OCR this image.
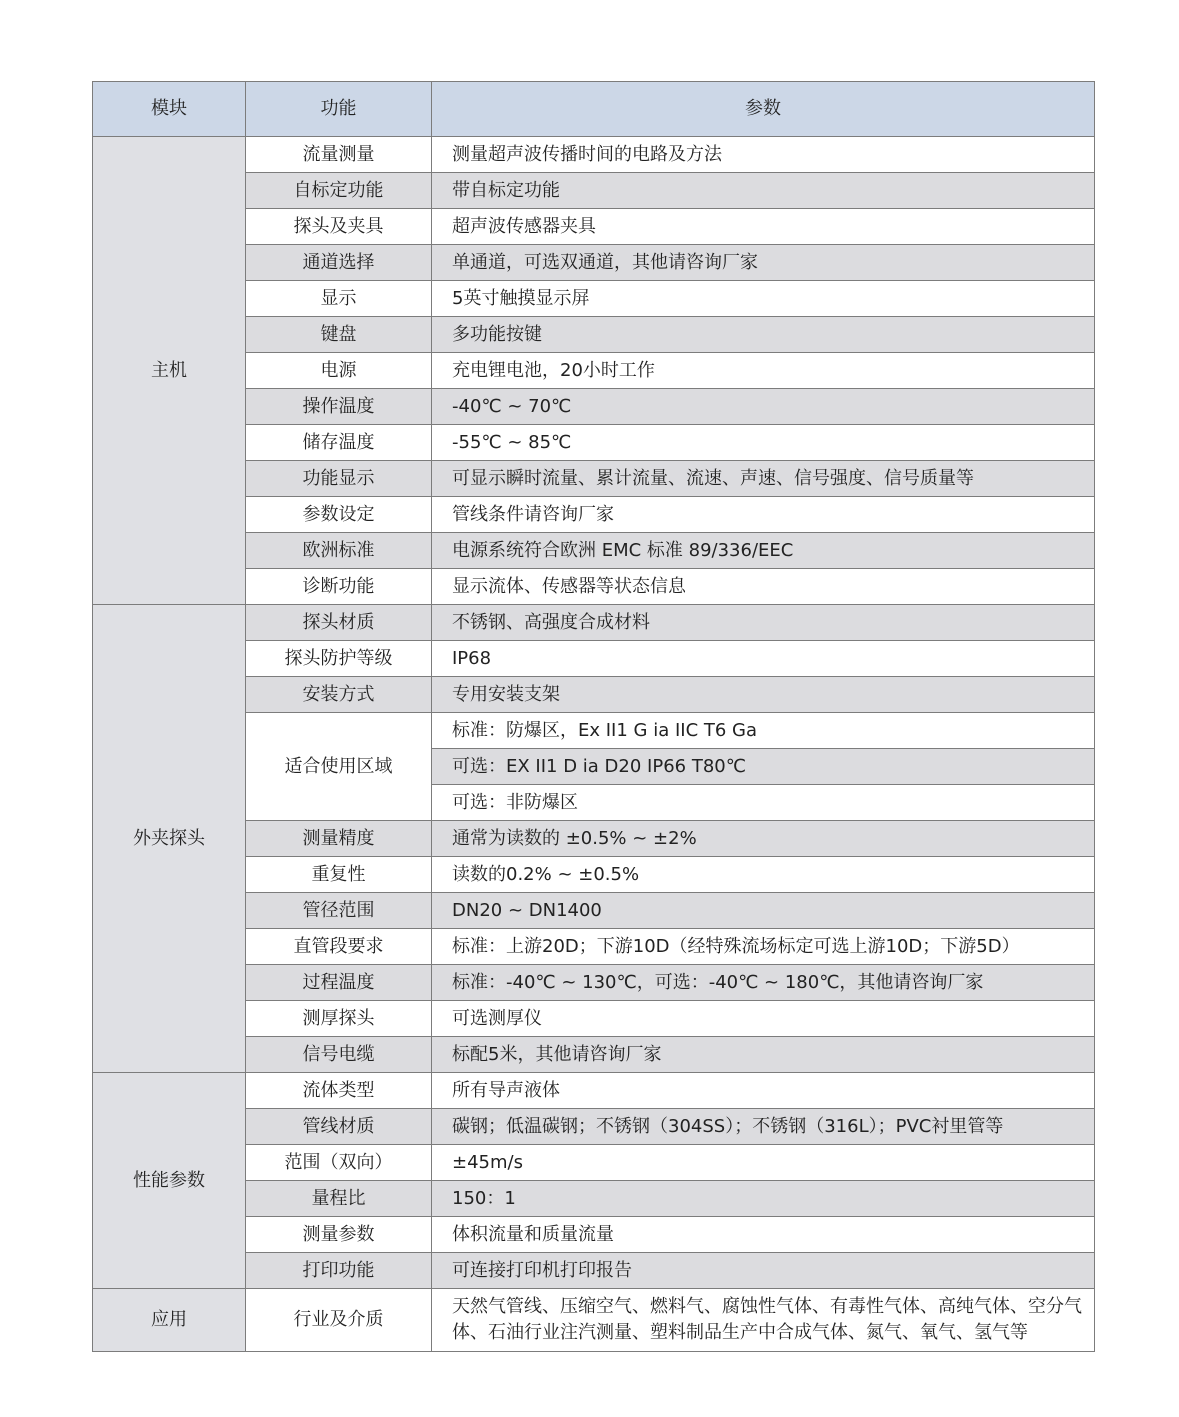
模块	功能	参数
主机	流量测量	测量超声波传播时间的电路及方法
	自标定功能	带自标定功能
	探头及夹具	超声波传感器夹具
	通道选择	单通道，可选双通道，其他请咨询厂家
	显示	5英寸触摸显示屏
	键盘	多功能按键
	电源	充电锂电池，20小时工作
	操作温度	-40℃ ~ 70℃
	储存温度	-55℃ ~ 85℃
	功能显示	可显示瞬时流量、累计流量、流速、声速、信号强度、信号质量等
	参数设定	管线条件请咨询厂家
	欧洲标准	电源系统符合欧洲 EMC 标准 89/336/EEC
	诊断功能	显示流体、传感器等状态信息
外夹探头	探头材质	不锈钢、高强度合成材料
	探头防护等级	IP68
	安装方式	专用安装支架
	适合使用区域	标准：防爆区，Ex II1 G ia IIC T6 Ga
		可选：EX II1 D ia D20 IP66 T80℃
		可选：非防爆区
	测量精度	通常为读数的 ±0.5% ~ ±2%
	重复性	读数的0.2% ~ ±0.5%
	管径范围	DN20 ~ DN1400
	直管段要求	标准：上游20D；下游10D（经特殊流场标定可选上游10D；下游5D）
	过程温度	标准：-40℃ ~ 130℃，可选：-40℃ ~ 180℃，其他请咨询厂家
	测厚探头	可选测厚仪
	信号电缆	标配5米，其他请咨询厂家
性能参数	流体类型	所有导声液体
	管线材质	碳钢；低温碳钢；不锈钢（304SS）；不锈钢（316L）；PVC衬里管等
	范围（双向）	±45m/s
	量程比	150：1
	测量参数	体积流量和质量流量
	打印功能	可连接打印机打印报告
应用	行业及介质	天然气管线、压缩空气、燃料气、腐蚀性气体、有毒性气体、高纯气体、空分气体、石油行业注汽测量、塑料制品生产中合成气体、氮气、氧气、氢气等
